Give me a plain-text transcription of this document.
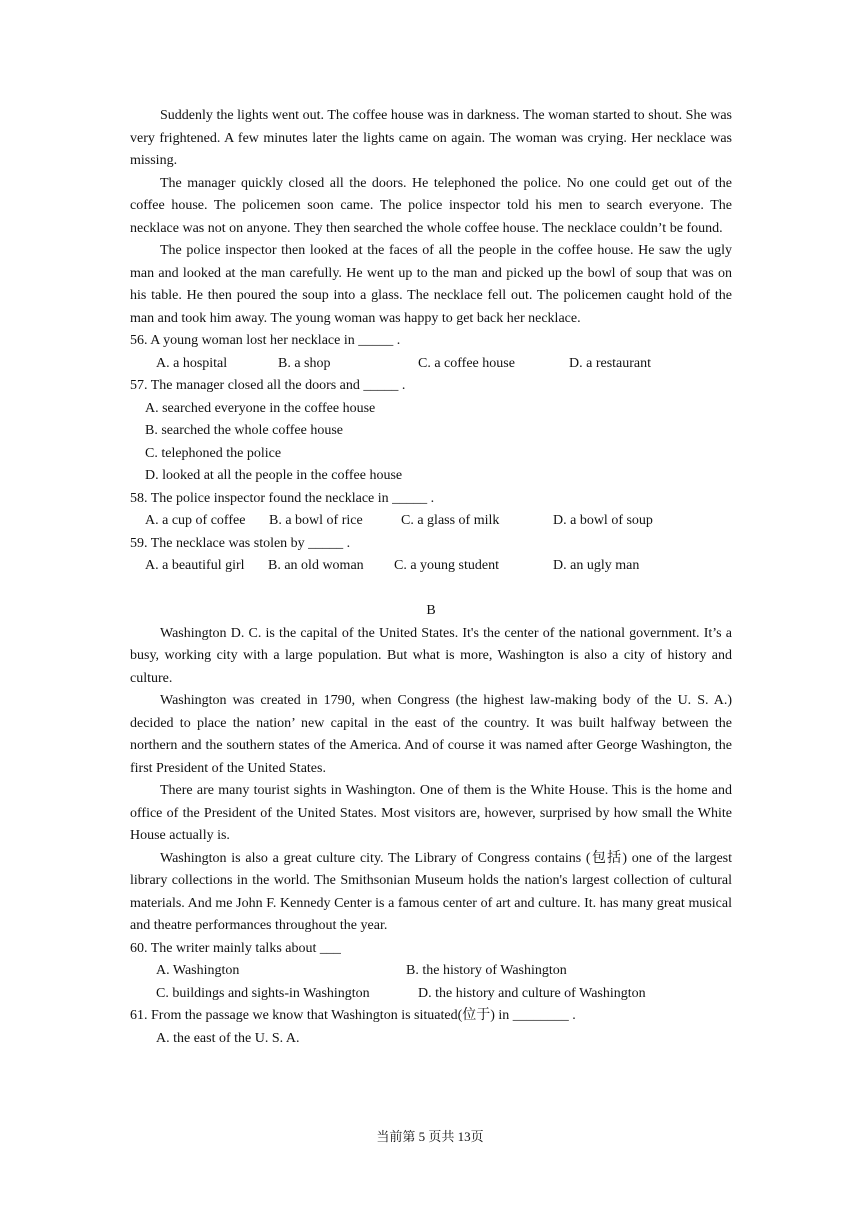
Suddenly the lights went out. The coffee house was in darkness. The woman started to shout. She was very frightened. A few minutes later the lights came on again. The woman was crying. Her necklace was missing.

The manager quickly closed all the doors. He telephoned the police. No one could get out of the coffee house. The policemen soon came. The police inspector told his men to search everyone. The necklace was not on anyone. They then searched the whole coffee house. The necklace couldn’t be found.

The police inspector then looked at the faces of all the people in the coffee house. He saw the ugly man and looked at the man carefully. He went up to the man and picked up the bowl of soup that was on his table. He then poured the soup into a glass. The necklace fell out. The policemen caught hold of the man and took him away. The young woman was happy to get back her necklace.

56. A young woman lost her necklace in _____ .

A. a hospital	B. a shop	C. a coffee house	D. a restaurant

57. The manager closed all the doors and _____ .

A. searched everyone in the coffee house

B. searched the whole coffee house

C. telephoned the police

D. looked at all the people in the coffee house

58. The police inspector found the necklace in _____ .

A. a cup of coffee	B. a bowl of rice	C. a glass of milk	D. a bowl of soup

59. The necklace was stolen by _____ .

A. a beautiful girl	B. an old woman	C. a young student	D. an ugly man

B

Washington D. C. is the capital of the United States. It's the center of the national government. It’s a busy, working city with a large population. But what is more, Washington is also a city of history and culture.

Washington was created in 1790, when Congress (the highest law-making body of the U. S. A.) decided to place the nation’ new capital in the east of the country. It was built halfway between the northern and the southern states of the America. And of course it was named after George Washington, the first President of the United States.

There are many tourist sights in Washington. One of them is the White House. This is the home and office of the President of the United States. Most visitors are, however, surprised by how small the White House actually is.

Washington is also a great culture city. The Library of Congress contains (包括) one of the largest library collections in the world. The Smithsonian Museum holds the nation's largest collection of cultural materials. And me John F. Kennedy Center is a famous center of art and culture. It. has many great musical and theatre performances throughout the year.

60. The writer mainly talks about ___

A. Washington	B. the history of Washington
C. buildings and sights-in Washington	D. the history and culture of Washington

61. From the passage we know that Washington is situated(位于) in ________ .

A. the east of the U. S. A.

当前第 5 页共 13页
